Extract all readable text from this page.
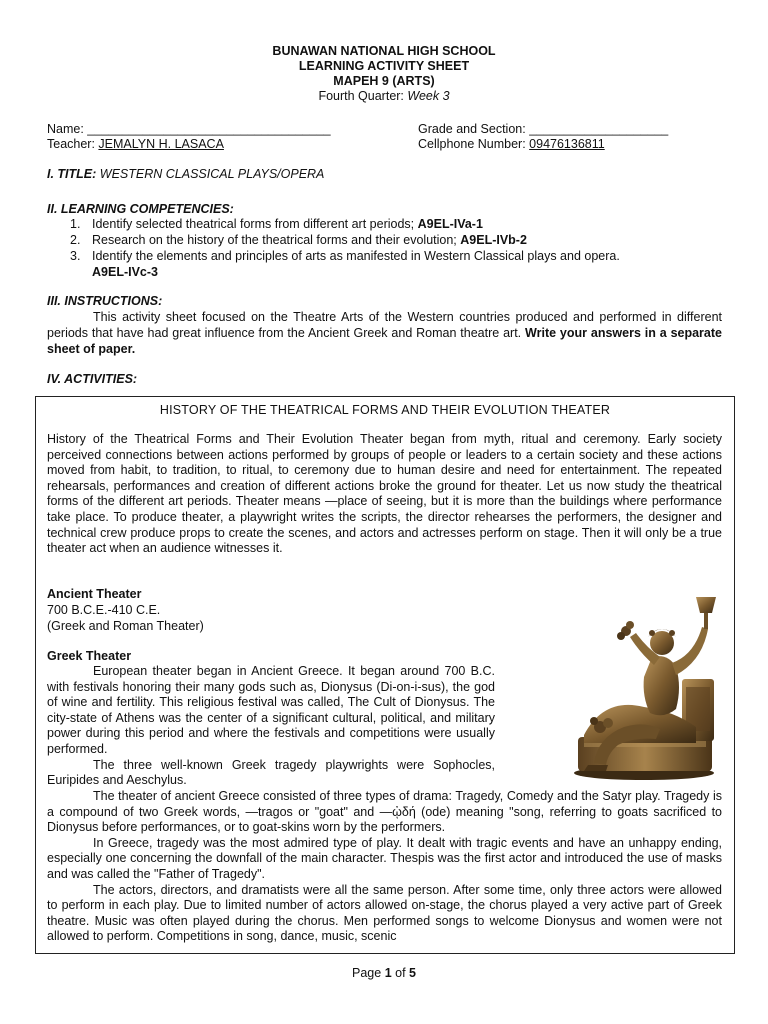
BUNAWAN NATIONAL HIGH SCHOOL
LEARNING ACTIVITY SHEET
MAPEH 9 (ARTS)
Fourth Quarter: Week 3
Name: ___________________________________	Grade and Section: ____________________
Teacher: JEMALYN H. LASACA	Cellphone Number: 09476136811
I. TITLE: WESTERN CLASSICAL PLAYS/OPERA
II. LEARNING COMPETENCIES:
1. Identify selected theatrical forms from different art periods; A9EL-IVa-1
2. Research on the history of the theatrical forms and their evolution; A9EL-IVb-2
3. Identify the elements and principles of arts as manifested in Western Classical plays and opera.
A9EL-IVc-3
III. INSTRUCTIONS:
This activity sheet focused on the Theatre Arts of the Western countries produced and performed in different periods that have had great influence from the Ancient Greek and Roman theatre art. Write your answers in a separate sheet of paper.
IV. ACTIVITIES:
HISTORY OF THE THEATRICAL FORMS AND THEIR EVOLUTION THEATER
History of the Theatrical Forms and Their Evolution Theater began from myth, ritual and ceremony. Early society perceived connections between actions performed by groups of people or leaders to a certain society and these actions moved from habit, to tradition, to ritual, to ceremony due to human desire and need for entertainment. The repeated rehearsals, performances and creation of different actions broke the ground for theater. Let us now study the theatrical forms of the different art periods. Theater means ―place of seeing, but it is more than the buildings where performance take place. To produce theater, a playwright writes the scripts, the director rehearses the performers, the designer and technical crew produce props to create the scenes, and actors and actresses perform on stage. Then it will only be a true theater act when an audience witnesses it.
Ancient Theater
700 B.C.E.-410 C.E.
(Greek and Roman Theater)
Greek Theater
European theater began in Ancient Greece. It began around 700 B.C. with festivals honoring their many gods such as, Dionysus (Di-on-i-sus), the god of wine and fertility. This religious festival was called, The Cult of Dionysus. The city-state of Athens was the center of a significant cultural, political, and military power during this period and where the festivals and competitions were usually performed.
The three well-known Greek tragedy playwrights were Sophocles, Euripides and Aeschylus.
The theater of ancient Greece consisted of three types of drama: Tragedy, Comedy and the Satyr play. Tragedy is a compound of two Greek words, ―tragos or "goat" and ―ᾠδή (ode) meaning "song, referring to goats sacrificed to Dionysus before performances, or to goat-skins worn by the performers.
In Greece, tragedy was the most admired type of play. It dealt with tragic events and have an unhappy ending, especially one concerning the downfall of the main character. Thespis was the first actor and introduced the use of masks and was called the "Father of Tragedy".
The actors, directors, and dramatists were all the same person. After some time, only three actors were allowed to perform in each play. Due to limited number of actors allowed on-stage, the chorus played a very active part of Greek theatre. Music was often played during the chorus. Men performed songs to welcome Dionysus and women were not allowed to perform. Competitions in song, dance, music, scenic
Page 1 of 5
